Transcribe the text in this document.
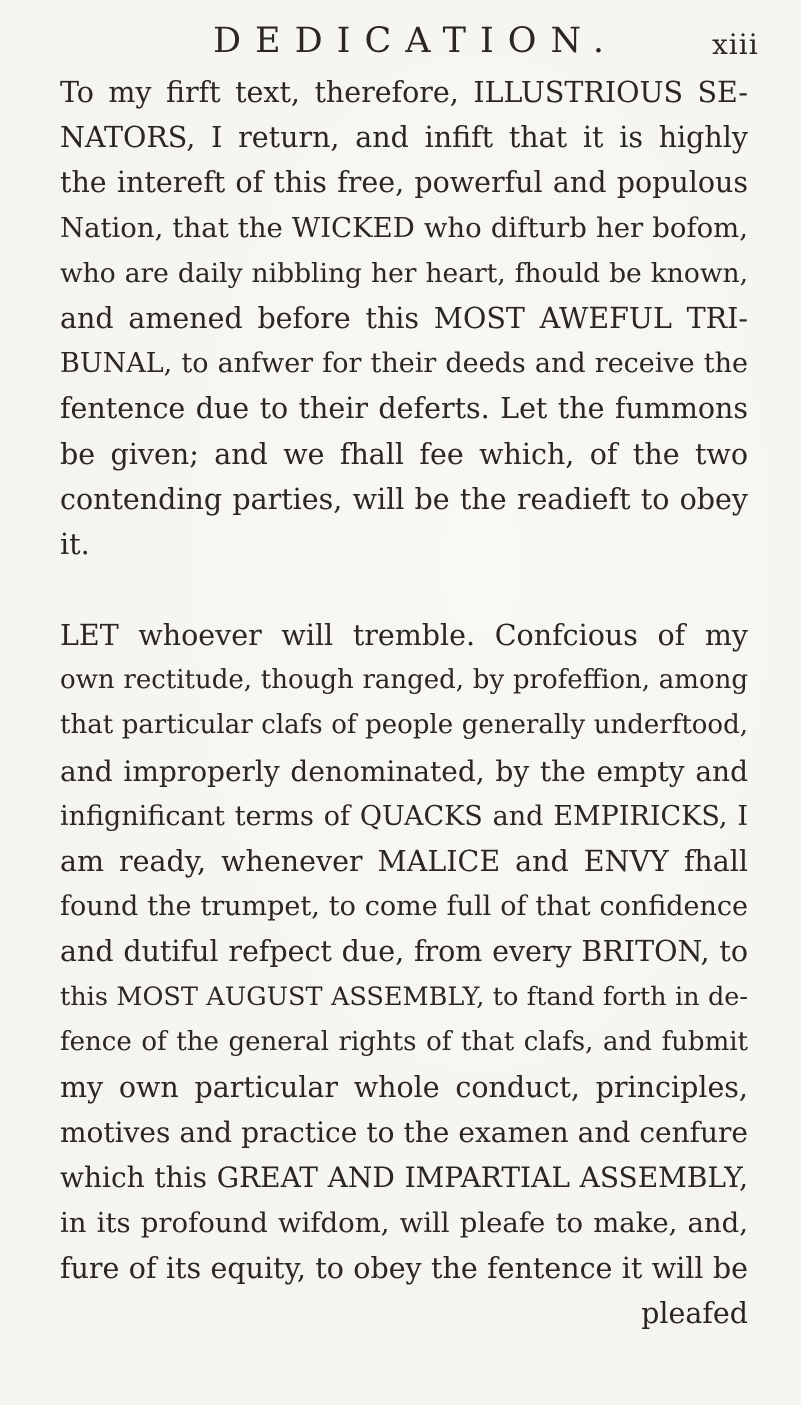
DEDICATION.	xiii

To my firft text, therefore, ILLUSTRIOUS SE-
NATORS, I return, and infift that it is highly
the intereft of this free, powerful and populous
Nation, that the WICKED who difturb her bofom,
who are daily nibbling her heart, fhould be known,
and amened before this MOST AWEFUL TRI-
BUNAL, to anfwer for their deeds and receive the
fentence due to their deferts. Let the fummons
be given; and we fhall fee which, of the two
contending parties, will be the readieft to obey
it.

LET whoever will tremble. Confcious of my
own rectitude, though ranged, by profeffion, among
that particular clafs of people generally underftood,
and improperly denominated, by the empty and
infignificant terms of QUACKS and EMPIRICKS, I
am ready, whenever MALICE and ENVY fhall
found the trumpet, to come full of that confidence
and dutiful refpect due, from every BRITON, to
this MOST AUGUST ASSEMBLY, to ftand forth in de-
fence of the general rights of that clafs, and fubmit
my own particular whole conduct, principles,
motives and practice to the examen and cenfure
which this GREAT AND IMPARTIAL ASSEMBLY,
in its profound wifdom, will pleafe to make, and,
fure of its equity, to obey the fentence it will be

pleafed
